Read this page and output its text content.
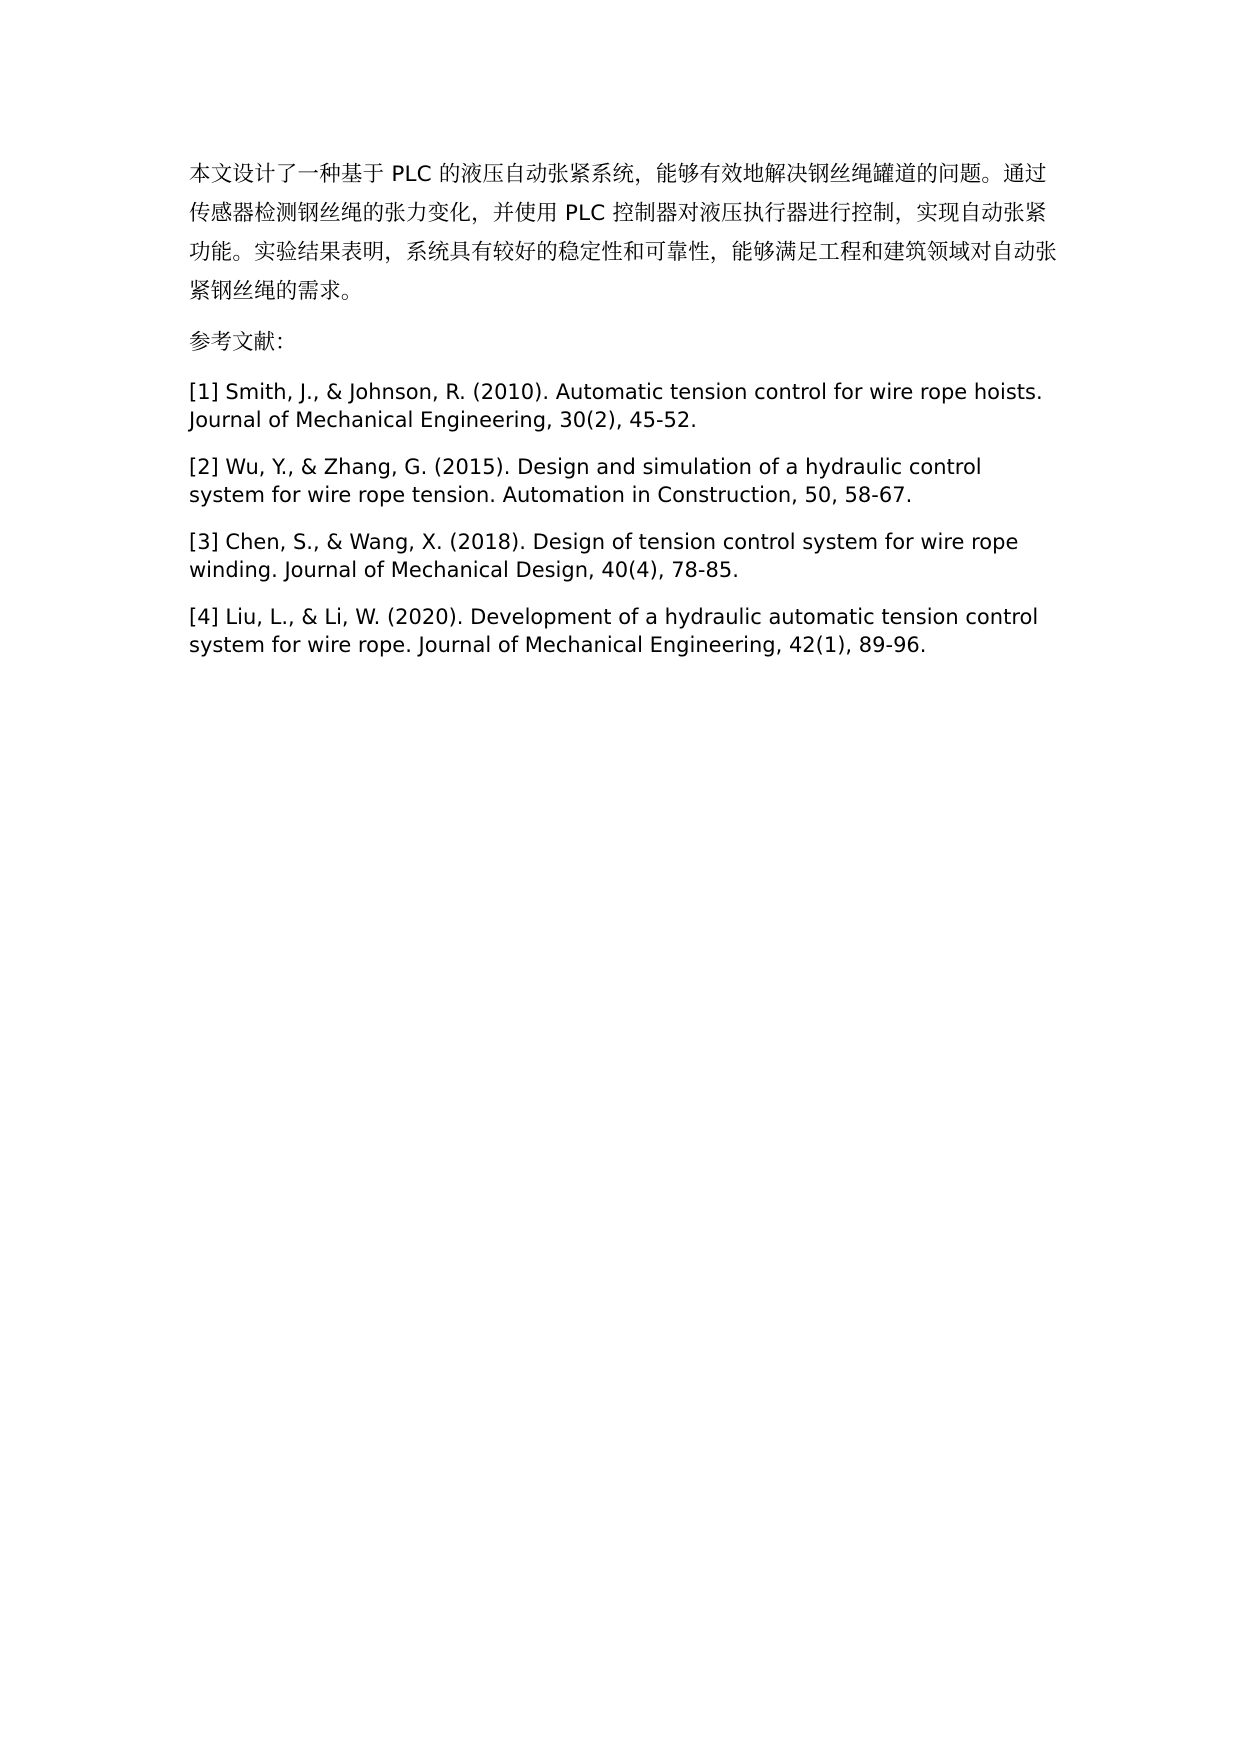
本文设计了一种基于 PLC 的液压自动张紧系统，能够有效地解决钢丝绳罐道的问题。通过传感器检测钢丝绳的张力变化，并使用 PLC 控制器对液压执行器进行控制，实现自动张紧功能。实验结果表明，系统具有较好的稳定性和可靠性，能够满足工程和建筑领域对自动张紧钢丝绳的需求。

参考文献：

[1] Smith, J., & Johnson, R. (2010). Automatic tension control for wire rope hoists. Journal of Mechanical Engineering, 30(2), 45-52.
[2] Wu, Y., & Zhang, G. (2015). Design and simulation of a hydraulic control system for wire rope tension. Automation in Construction, 50, 58-67.
[3] Chen, S., & Wang, X. (2018). Design of tension control system for wire rope winding. Journal of Mechanical Design, 40(4), 78-85.
[4] Liu, L., & Li, W. (2020). Development of a hydraulic automatic tension control system for wire rope. Journal of Mechanical Engineering, 42(1), 89-96.
